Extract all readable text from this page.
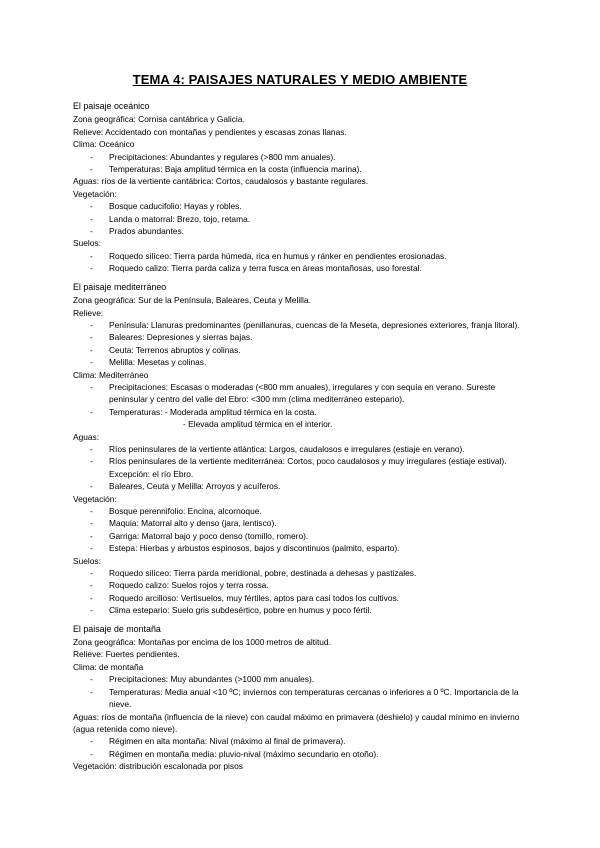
TEMA 4: PAISAJES NATURALES Y MEDIO AMBIENTE
El paisaje oceánico
Zona geográfica: Cornisa cantábrica y Galicia.
Relieve: Accidentado con montañas y pendientes y escasas zonas llanas.
Clima: Oceánico
- Precipitaciones: Abundantes y regulares (>800 mm anuales).
- Temperaturas: Baja amplitud térmica en la costa (influencia marina).
Aguas: ríos de la vertiente cantábrica: Cortos, caudalosos y bastante regulares.
Vegetación:
- Bosque caducifolio: Hayas y robles.
- Landa o matorral: Brezo, tojo, retama.
- Prados abundantes.
Suelos:
- Roquedo silíceo: Tierra parda húmeda, rica en humus y ránker en pendientes erosionadas.
- Roquedo calizo: Tierra parda caliza y terra fusca en áreas montañosas, uso forestal.
El paisaje mediterráneo
Zona geográfica: Sur de la Península, Baleares, Ceuta y Melilla.
Relieve:
- Península: Llanuras predominantes (penillanuras, cuencas de la Meseta, depresiones exteriores, franja litoral).
- Baleares: Depresiones y sierras bajas.
- Ceuta: Terrenos abruptos y colinas.
- Melilla: Mesetas y colinas.
Clima: Mediterráneo
- Precipitaciones: Escasas o moderadas (<800 mm anuales), irregulares y con sequía en verano. Sureste peninsular y centro del valle del Ebro: <300 mm (clima mediterráneo estepario).
- Temperaturas: - Moderada amplitud térmica en la costa.
- Elevada amplitud térmica en el interior.
Aguas:
- Ríos peninsulares de la vertiente atlántica: Largos, caudalosos e irregulares (estiaje en verano).
- Ríos peninsulares de la vertiente mediterránea: Cortos, poco caudalosos y muy irregulares (estiaje estival). Excepción: el río Ebro.
- Baleares, Ceuta y Melilla: Arroyos y acuíferos.
Vegetación:
- Bosque perennifolio: Encina, alcornoque.
- Maquia: Matorral alto y denso (jara, lentisco).
- Garriga: Matorral bajo y poco denso (tomillo, romero).
- Estepa: Hierbas y arbustos espinosos, bajos y discontinuos (palmito, esparto).
Suelos:
- Roquedo silíceo: Tierra parda meridional, pobre, destinada a dehesas y pastizales.
- Roquedo calizo: Suelos rojos y terra rossa.
- Roquedo arcilloso: Vertisuelos, muy fértiles, aptos para casi todos los cultivos.
- Clima estepario: Suelo gris subdesértico, pobre en humus y poco fértil.
El paisaje de montaña
Zona geográfica: Montañas por encima de los 1000 metros de altitud.
Relieve: Fuertes pendientes.
Clima: de montaña
- Precipitaciones: Muy abundantes (>1000 mm anuales).
- Temperaturas: Media anual <10 ºC; inviernos con temperaturas cercanas o inferiores a 0 ºC. Importancia de la nieve.
Aguas: ríos de montaña (influencia de la nieve) con caudal máximo en primavera (deshielo) y caudal mínimo en invierno (agua retenida como nieve).
- Régimen en alta montaña: Nival (máximo al final de primavera).
- Régimen en montaña media: pluvio-nival (máximo secundario en otoño).
Vegetación: distribución escalonada por pisos
